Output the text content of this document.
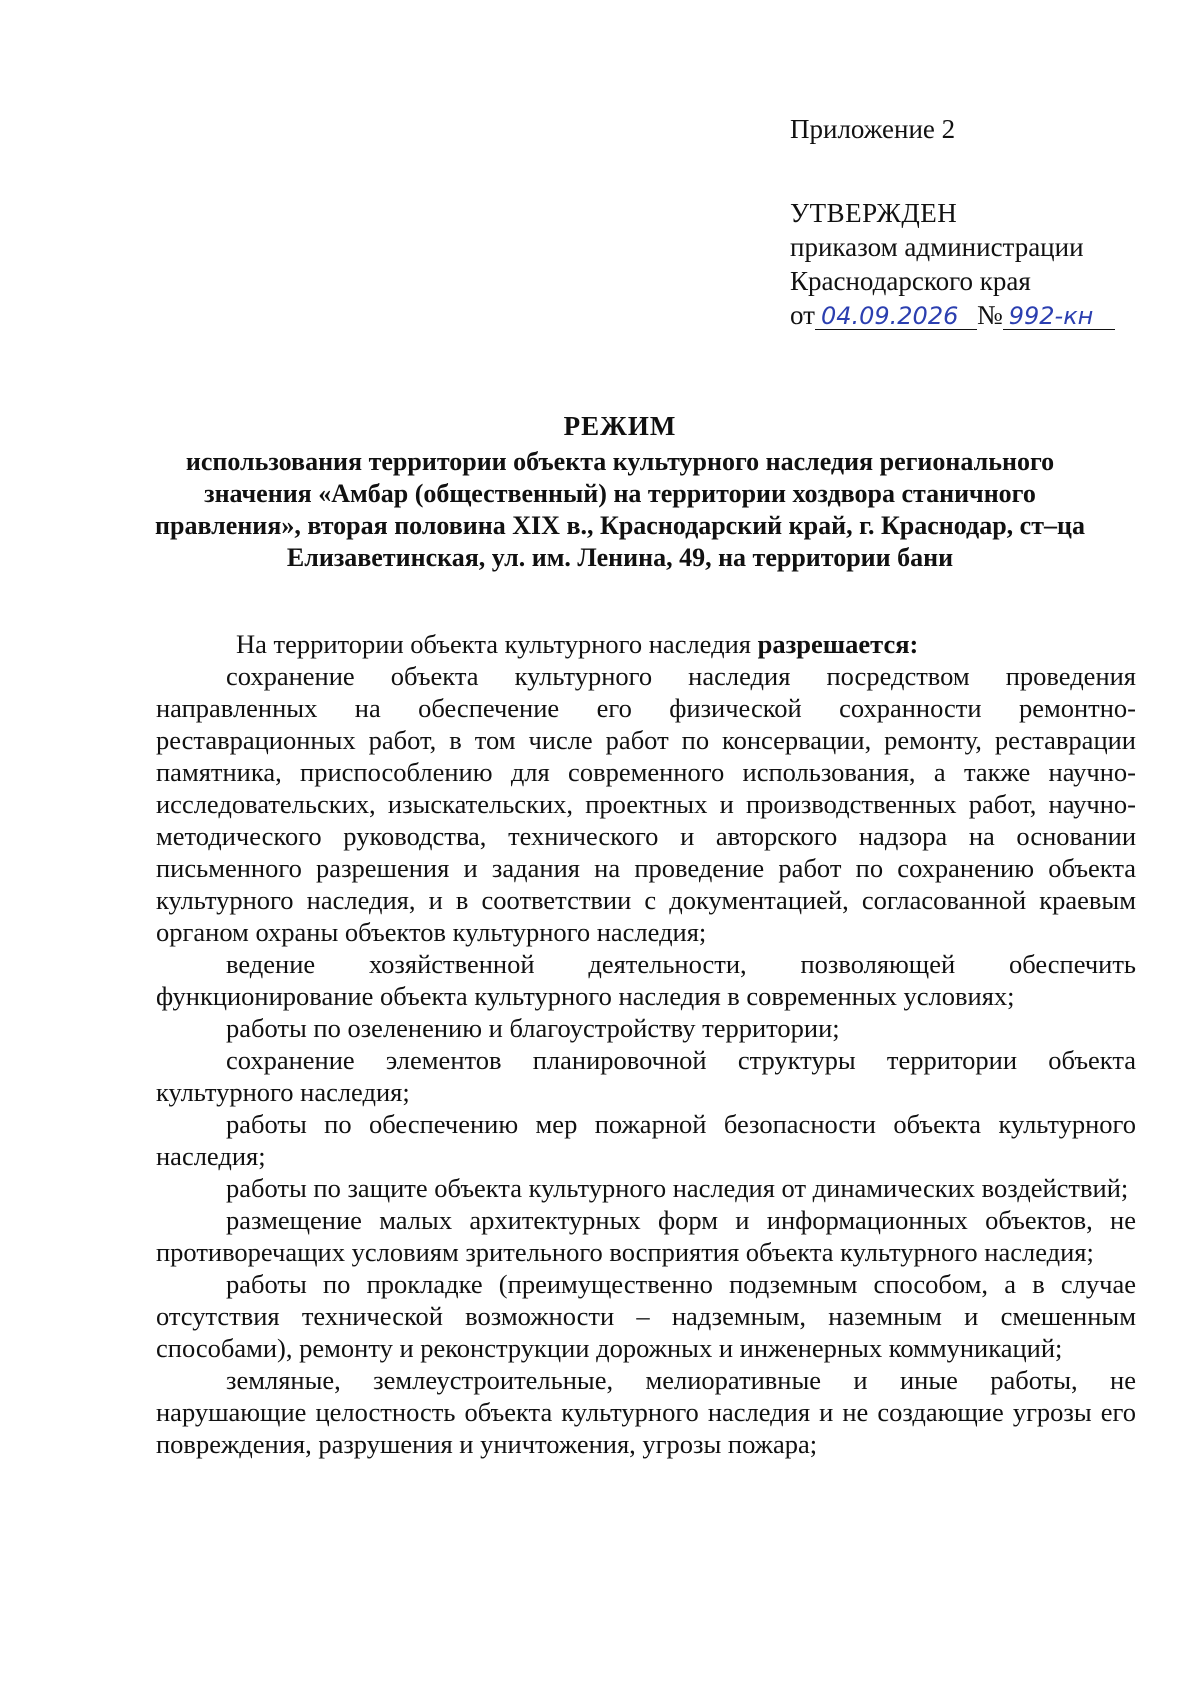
Приложение 2
УТВЕРЖДЕН
приказом администрации
Краснодарского края
от 04.09.2026 № 992-кн
РЕЖИМ
использования территории объекта культурного наследия регионального значения «Амбар (общественный) на территории хоздвора станичного правления», вторая половина XIX в., Краснодарский край, г. Краснодар, ст–ца Елизаветинская, ул. им. Ленина, 49, на территории бани

На территории объекта культурного наследия разрешается:

сохранение объекта культурного наследия посредством проведения направленных на обеспечение его физической сохранности ремонтно-реставрационных работ, в том числе работ по консервации, ремонту, реставрации памятника, приспособлению для современного использования, а также научно-исследовательских, изыскательских, проектных и производственных работ, научно-методического руководства, технического и авторского надзора на основании письменного разрешения и задания на проведение работ по сохранению объекта культурного наследия, и в соответствии с документацией, согласованной краевым органом охраны объектов культурного наследия;

ведение хозяйственной деятельности, позволяющей обеспечить функционирование объекта культурного наследия в современных условиях;

работы по озеленению и благоустройству территории;

сохранение элементов планировочной структуры территории объекта культурного наследия;

работы по обеспечению мер пожарной безопасности объекта культурного наследия;

работы по защите объекта культурного наследия от динамических воздействий;

размещение малых архитектурных форм и информационных объектов, не противоречащих условиям зрительного восприятия объекта культурного наследия;

работы по прокладке (преимущественно подземным способом, а в случае отсутствия технической возможности – надземным, наземным и смешенным способами), ремонту и реконструкции дорожных и инженерных коммуникаций;

земляные, землеустроительные, мелиоративные и иные работы, не нарушающие целостность объекта культурного наследия и не создающие угрозы его повреждения, разрушения и уничтожения, угрозы пожара;
